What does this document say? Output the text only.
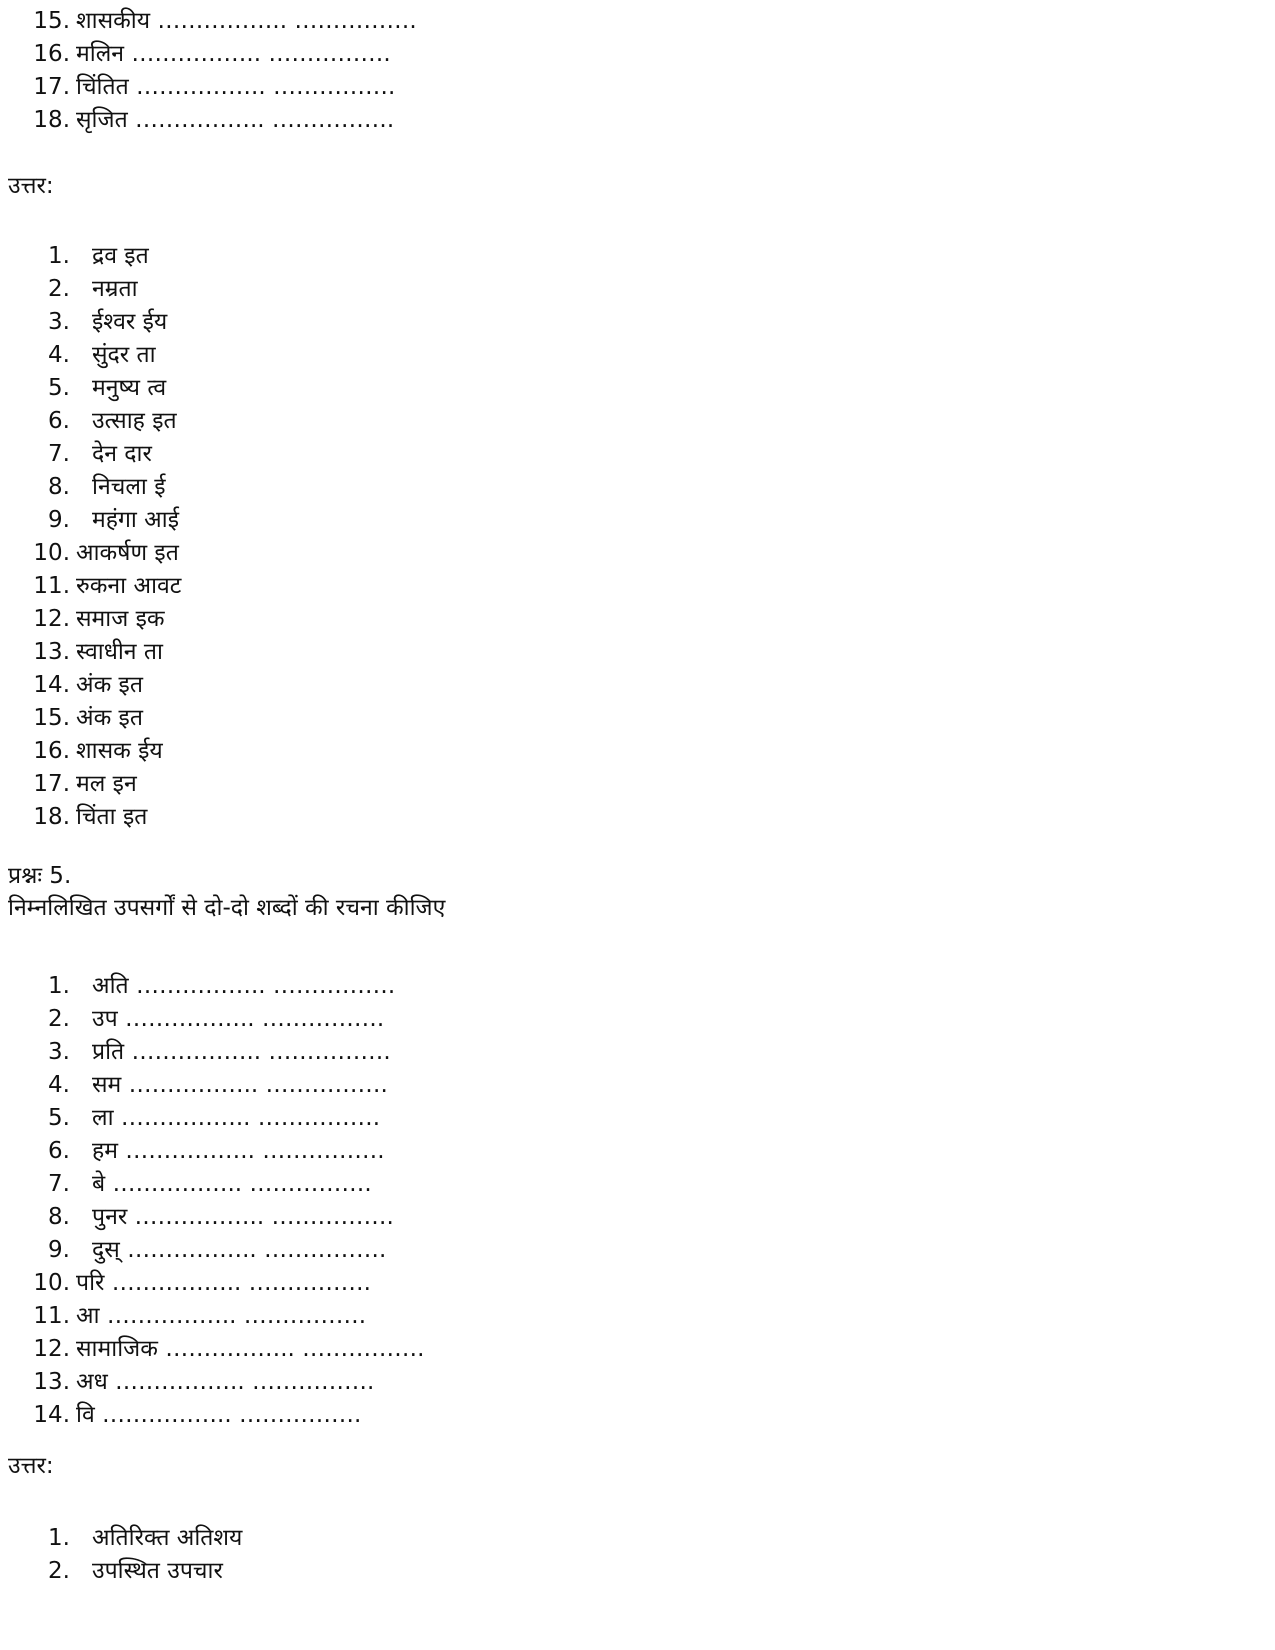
15. शासकीय …………….. …………….
16. मलिन …………….. …………….
17. चिंतित …………….. …………….
18. सृजित …………….. …………….
उत्तर:
1. द्रव इत
2. नम्रता
3. ईश्वर ईय
4. सुंदर ता
5. मनुष्य त्व
6. उत्साह इत
7. देन दार
8. निचला ई
9. महंगा आई
10. आकर्षण इत
11. रुकना आवट
12. समाज इक
13. स्वाधीन ता
14. अंक इत
15. अंक इत
16. शासक ईय
17. मल इन
18. चिंता इत
प्रश्नः 5.
निम्नलिखित उपसर्गों से दो-दो शब्दों की रचना कीजिए
1. अति …………….. …………….
2. उप …………….. …………….
3. प्रति …………….. …………….
4. सम …………….. …………….
5. ला …………….. …………….
6. हम …………….. …………….
7. बे …………….. …………….
8. पुनर …………….. …………….
9. दुस् …………….. …………….
10. परि …………….. …………….
11. आ …………….. …………….
12. सामाजिक …………….. …………….
13. अध …………….. …………….
14. वि …………….. …………….
उत्तर:
1. अतिरिक्त अतिशय
2. उपस्थित उपचार
